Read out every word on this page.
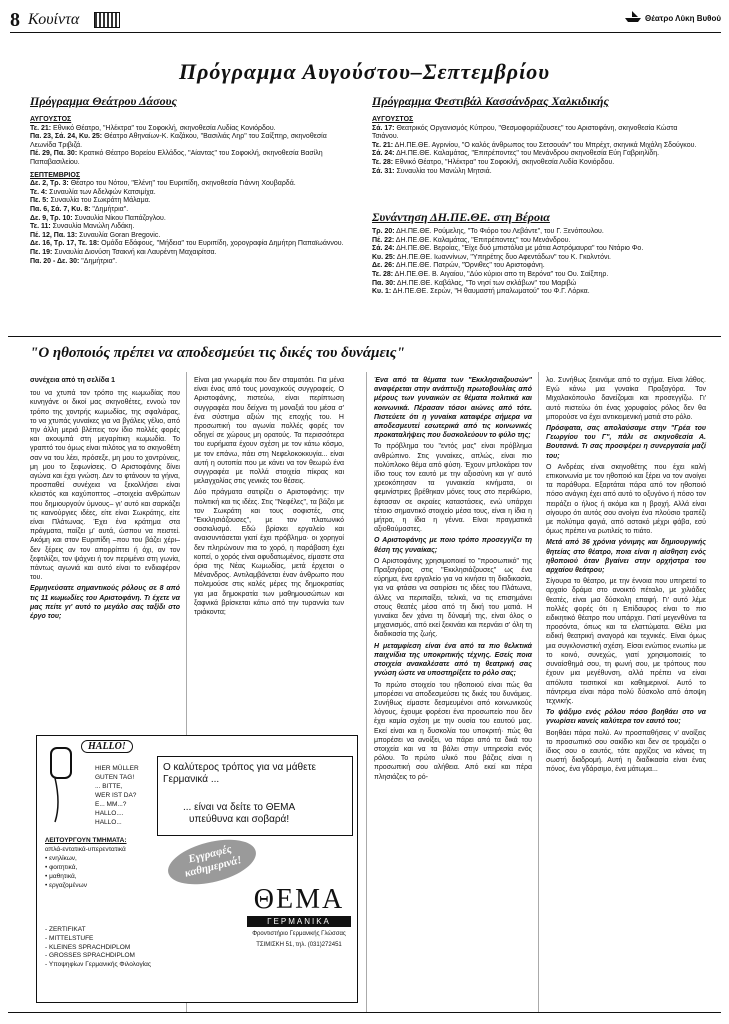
8 Κουίντα	Θέατρο Λύκη Βυθού
Πρόγραμμα Αυγούστου–Σεπτεμβρίου
Πρόγραμμα Θεάτρου Δάσους
ΑΥΓΟΥΣΤΟΣ
Τε. 21: Εθνικό Θέατρο, "Ηλέκτρα" του Σοφοκλή, σκηνοθεσία Λυδίας Κονιόρδου.
Πα. 23, Σά. 24, Κυ. 25: Θέατρο Αθηναίων-Κ. Καζάκου, "Βασιλιάς Ληρ" του Σαίξπηρ, σκηνοθεσία Λεωνίδα Τριβιζά.
Πέ. 29, Πα. 30: Κρατικό Θέατρο Βορείου Ελλάδος, "Αίαντας" του Σοφοκλή, σκηνοθεσία Βασίλη Παπαβασιλείου.
ΣΕΠΤΕΜΒΡΙΟΣ
Δε. 2, Τρ. 3: Θέατρο του Νότου, "Ελένη" του Ευριπίδη, σκηνοθεσία Γιάννη Χουβαρδά.
Τε. 4: Συναυλία των Αδελφών Κατσιμίχα.
Πε. 5: Συναυλία του Σωκράτη Μάλαμα.
Πα. 6, Σά. 7, Κυ. 8: "Δημήτρια".
Δε. 9, Τρ. 10: Συναυλία Νίκου Παπάζογλου.
Τε. 11: Συναυλία Μανώλη Λιδάκη.
Πέ. 12, Πα. 13: Συναυλία Goran Bregovic.
Δε. 16, Τρ. 17, Τε. 18: Ομάδα Εδάφους, "Μήδεια" του Ευριπίδη, χορογραφία Δημήτρη Παπαϊωάννου.
Πε. 19: Συναυλία Διονύση Τσακνή και Λαυρέντη Μαχαιρίτσα.
Πα. 20 - Δε. 30: "Δημήτρια".
Πρόγραμμα Φεστιβάλ Κασσάνδρας Χαλκιδικής
ΑΥΓΟΥΣΤΟΣ
Σά. 17: Θεατρικός Οργανισμός Κύπρου, "Θεσμοφοριάζουσες" του Αριστοφάνη, σκηνοθεσία Κώστα Τσιάνου.
Τε. 21: ΔΗ.ΠΕ.ΘΕ. Αγρινίου, "Ο καλός άνθρωπος του Σετσουάν" του Μπρέχτ, σκηνικά Μιχάλη Σδούγκου.
Σά. 24: ΔΗ.ΠΕ.ΘΕ. Καλαμάτας, "Επιτρέποντες" του Μενάνδρου σκηνοθεσία Εύη Γαβριηλίδη.
Τε. 28: Εθνικό Θέατρο, "Ηλέκτρα" του Σοφοκλή, σκηνοθεσία Λυδία Κονιόρδου.
Σά. 31: Συναυλία του Μανώλη Μητσιά.
Συνάντηση ΔΗ.ΠΕ.ΘΕ. στη Βέροια
Τρ. 20: ΔΗ.ΠΕ.ΘΕ. Ρούμελης, "Το Φιόρο του Λεβάντε", του Γ. Ξενόπουλου.
Πέ. 22: ΔΗ.ΠΕ.ΘΕ. Καλαμάτας, "Επιτρέποντες" του Μενάνδρου.
Σά. 24: ΔΗ.ΠΕ.ΘΕ. Βεροίας, "Είχε δυό μπιστόλια με μάτια Αστρόμαυρα" του Ντάριο Φο.
Κυ. 25: ΔΗ.ΠΕ.ΘΕ. Ιωαννίνων, "Υπηρέτης δυο Αφεντάδων" του Κ. Γκολντόνι.
Δε. 26: ΔΗ.ΠΕ.ΘΕ. Πατρών, "Όρνιθες" του Αριστοφάνη.
Τε. 28: ΔΗ.ΠΕ.ΘΕ. Β. Αιγαίου, "Δύο κύριοι απο τη Βερόνα" του Ου. Σαίξπηρ.
Πα. 30: ΔΗ.ΠΕ.ΘΕ. Καβάλας, "Το νησί των σκλάβων" του Μαριβώ
Κυ. 1: ΔΗ.ΠΕ.ΘΕ. Σερών, "Η θαυμαστή μπαλωματού" του Φ.Γ. Λόρκα.
"Ο ηθοποιός πρέπει να αποδεσμεύει τις δικές του δυνάμεις"
συνέχεια από τη σελίδα 1

του να χτυπά τον τρόπο της κωμωδίας που κυνηγάνε οι δικοί μας σκηνοθέτες, εννοώ τον τρόπο της χοντρής κωμωδίας, της σφαλιάρας, το να χτυπάς γυναίκες για να βγάλεις γέλιο, από την άλλη μεριά βλέπεις τον ίδιο πολλές φορές και ακουμπά στη μεγαρίτικη κωμωδία. Το γραπτό του όμως είναι πιλότος για το σκηνοθέτη σαν να του λέει, πρόσεξε, μη μου το χοντρύνεις, μη μου το ξεφωνίσεις. Ο Αριστοφάνης δίνει αγώνα και έχει γνώση. Δεν το φτάνουν τα γήινα, προσπαθεί συνέχεια να ξεκολλήσει είναι κλειστός και καχύποπτος –στοιχεία ανθρώπων που δημιουργούν ύμνους– γι' αυτό και σαρκάζει τις καινούργιες ιδέες, είτε είναι Σωκράτης, είτε είναι Πλάτωνας. Έχει ένα κράτημα στα πράγματα, παίζει μ' αυτά, ώσπου να πειστεί. Ακόμη και στον Ευριπίδη –που του βάζει χέρι– δεν ξέρεις αν τον απορρίπτει ή όχι, αν τον ξεφτιλίζει, τον ψάχνει ή τον περιμένει στη γωνία, πάντως αγωνιά και αυτό είναι το ενδιαφέρον του.

Ερμηνεύσατε σημαντικούς ρόλους σε 8 από τις 11 κωμωδίες του Αριστοφάνη. Τι έχετε να μας πείτε γι' αυτό το μεγάλο σας ταξίδι στο έργο του;

Είναι μια γνωριμία που δεν σταματάει. Για μένα είναι ένας από τους μοναχικούς συγγραφείς. Ο Αριστοφάνης, πιστεύω, είναι περίπτωση συγγραφέα που δείχνει τη μοναξιά του μέσα σ' ένα σύστημα αξιών της εποχής του. Η προσωπική του αγωνία πολλές φορές τον οδηγεί σε χώρους μη ορατούς. Τα περισσότερα του ευρήματα έχουν σχέση με τον κάτω κόσμο, με τον επάνω, πάει στη Νεφελοκοκκυγία... είναι αυτή η ουτοπία που με κάνει να τον θεωρώ ένα συγγραφέα με πολλά στοιχεία πίκρας και μελαγχολίας στις γενικές του θέσεις.

Δύο πράγματα σατιρίζει ο Αριστοφάνης: την πολιτική και τις ιδέες. Στις "Νεφέλες", τα βάζει με τον Σωκράτη και τους σοφιστές, στις "Εκκλησιάζουσες", με τον πλατωνικό σοσιαλισμό. Εδώ βρίσκει εργαλείο και αναισυντάσεται γιατί έχει πρόβλημα· οι χορηγοί δεν πληρώνουν πια το χορό, η παράβαση έχει κοπεί, ο χορός είναι αφυδατωμένος, είμαστε στα όρια της Νέας Κωμωδίας, μετά έρχεται ο Μένανδρος. Αντιλαμβάνεται έναν άνθρωπο που πολεμούσε στις καλές μέρες της δημοκρατίας για μια δημοκρατία των μαθημουσώπων και ξαφνικά βρίσκεται κάτω από την τυραννία των τριάκοντα;

Ένα από τα θέματα των "Εκκλησιαζουσών" αναφέρεται στην ανάπτυξη πρωτοβουλίας από μέρους των γυναικών σε θέματα πολιτικά και κοινωνικά. Πέρασαν τόσοι αιώνες από τότε. Πιστεύετε ότι η γυναίκα καταφέρε σήμερα να αποδεσμευτεί εσωτερικά από τις κοινωνικές προκαταλήψεις που δυσκολεύουν το φύλο της;

Το πρόβλημα του "εντός μας" είναι πρόβλημα ανθρώπινο. Στις γυναίκες, απλώς, είναι πιο πολύπλοκο θέμα από φύση. Έχουν μπλοκάρει τον ίδιο τους τον εαυτό με την αξιοσύνη και γι' αυτό χρεοκόπησαν τα γυναικεία κινήματα, οι φεμινίστριες βρέθηκαν μόνες τους στο περιθώριο, έφτασαν σε ακραίες καταστάσεις, ενώ υπάρχει τέτοιο σημαντικό στοιχείο μέσα τους, είναι η ίδια η μήτρα, η ίδια η γέννα. Είναι πραγματικά αξιοθαύμαστες.

Ο Αριστοφάνης με ποιο τρόπο προσεγγίζει τη θέση της γυναίκας;

Ο Αριστοφάνης χρησιμοποιεί το "προσωπικό" της Πραξαγόρας στις "Εκκλησιάζουσες" ως ένα εύρημα, ένα εργαλείο για να κινήσει τη διαδικασία, για να φτάσει να σατιρίσει τις ιδέες του Πλάτωνα, άλλες να περιπαίξει, τελικά, να τις επισημάνει στους θεατές μέσα από τη δική του ματιά. Η γυναίκα δεν χάνει τη δύναμή της, είναι όλος ο μηχανισμός, από εκεί ξεκινάει και περνάει σ' όλη τη διαδικασία της ζωής.

Η μεταμφίεση είναι ένα από τα πιο θελκτικά παιχνίδια της υποκριτικής τέχνης. Εσείς ποια στοιχεία ανακαλέσατε από τη θεατρική σας γνώση ώστε να υποστηρίξετε το ρόλο σας;

Το πρώτο στοιχείο του ηθοποιού είναι πώς θα μπορέσει να αποδεσμεύσει τις δικές του δυνάμεις. Συνήθως είμαστε δεσμευμένοι από κοινωνικούς λόγους, έχουμε φορέσει ένα προσωπείο που δεν έχει καμία σχέση με την ουσία του εαυτού μας. Εκεί είναι και η δυσκολία του υποκριτή· πώς θα μπορέσει να ανοίξει, να πάρει από τα δικά του στοιχεία και να τα βάλει στην υπηρεσία ενός ρόλου. Το πρώτο υλικό που βάζεις είναι η προσωπική σου αλήθεια. Από εκεί και πέρα πλησιάζεις το ρό-

λο. Συνήθως ξεκινάμε από το σχήμα. Είναι λάθος. Εγώ κάνω μια γυναίκα Πραξαγόρα. Τον Μιχαλακόπουλο δανείζομαι και προσεγγίζω. Γι' αυτό πιστεύω ότι ένας χορυφαίος ρόλος δεν θα μπορούσε να έχει αντικειμενική ματιά στο ρόλο.

Πρόσφατα, σας απολαύσαμε στην "Γρέα του Γεωργίου του Γ", πάλι σε σκηνοθεσία Α. Βουτσινά. Τι σας προσφέρει η συνεργασία μαζί του;

Ο Ανδρέας είναι σκηνοθέτης που έχει καλή επικοινωνία με τον ηθοποιό και ξέρει να τον ανοίγει τα παράθυρα. Εξαρτάται πάρα από τον ηθοποιό πόσο ανάγκη έχει από αυτό το οξυγόνο ή πόσο τον πειράζει ο ήλιος ή ακόμα και η βροχή. Αλλά είναι σίγουρο ότι αυτός σου ανοίγει ένα πλούσιο τραπέζι με πολύτιμα φαγιά, από αστακό μέχρι φάβα, εσύ όμως πρέπει να ρωτιλείς το πιάτο.

Μετά από 36 χρόνια γόνιμης και δημιουργικής θητείας στο θέατρο, ποια είναι η αίσθηση ενός ηθοποιού όταν βγαίνει στην ορχήστρα του αρχαίου θεάτρου;

Σίγουρα το θέατρο, με την έννοια που υπηρετεί το αρχαίο δράμα στο ανοικτό πέταλο, με χιλιάδες θεατές, είναι μια δύσκολη επαφή. Γι' αυτό λέμε πολλές φορές ότι η Επίδαυρος είναι το πιο ειδικητικό θέατρο που υπάρχει. Γιατί μεγενθύνει τα προσόντα, όπως και τα ελαττώματα. Θέλει μια ειδική θεατρική αναγορά και τεχνικές. Είναι όμως μια συγκλονιστική σχέση. Είσαι ενώπιος ενωπίω με το κοινό, συνεχώς, γιατί χρησιμοποιείς το συναίσθημά σου, τη φωνή σου, με τρόπους που έχουν μια μεγέθυνση, αλλά πρέπει να είναι απόλυτα τεισιτικοί και καθημερινοί. Αυτό το πάντρεμα είναι πάρα πολύ δύσκολο από άποψη τεχνικής.

Το ψάξιμο ενός ρόλου πόσο βοηθάει στο να γνωρίσει κανείς καλύτερα τον εαυτό του;

Βοηθάει πάρα πολύ. Αν προσπαθήσεις ν' ανοίξεις το προσωπικό σου σακίδιο και δεν σε τρομάζει ο ίδιος σου ο εαυτός, τότε αρχίζεις να κάνεις τη σωστή διαδρομή. Αυτή η διαδικασία είναι ένας πόνος, ένα γδάρσιμο, ένα μάτωμα...

HALLO!
HIER MÜLLER
GUTEN TAG!
... BITTE,
WER IST DA?
E... MM...?
HALLO....
HALLO...
Ο καλύτερος τρόπος για να μάθετε Γερμανικά ...
... είναι να δείτε το ΘΕΜΑ
υπεύθυνα και σοβαρά!
ΛΕΙΤΟΥΡΓΟΥΝ ΤΜΗΜΑΤΑ:
απλά-εντατικά-υπερεντατικά
• ενηλίκων,
• φοιτητικά,
• μαθητικά,
• εργαζομένων
Εγγραφές καθημερινά!
- ZERTIFIKAT
- MITTELSTUFE
- KLEINES SPRACHDIPLOM
- GROSSES SPRACHDIPLOM
- Υποψηφίων Γερμανικής Φιλολογίας
ΘΕΜΑ
ΓΕΡΜΑΝΙΚΑ
Φροντιστήριο Γερμανικής Γλώσσας
ΤΣΙΜΙΣΚΗ 51, τηλ. (031)272451
